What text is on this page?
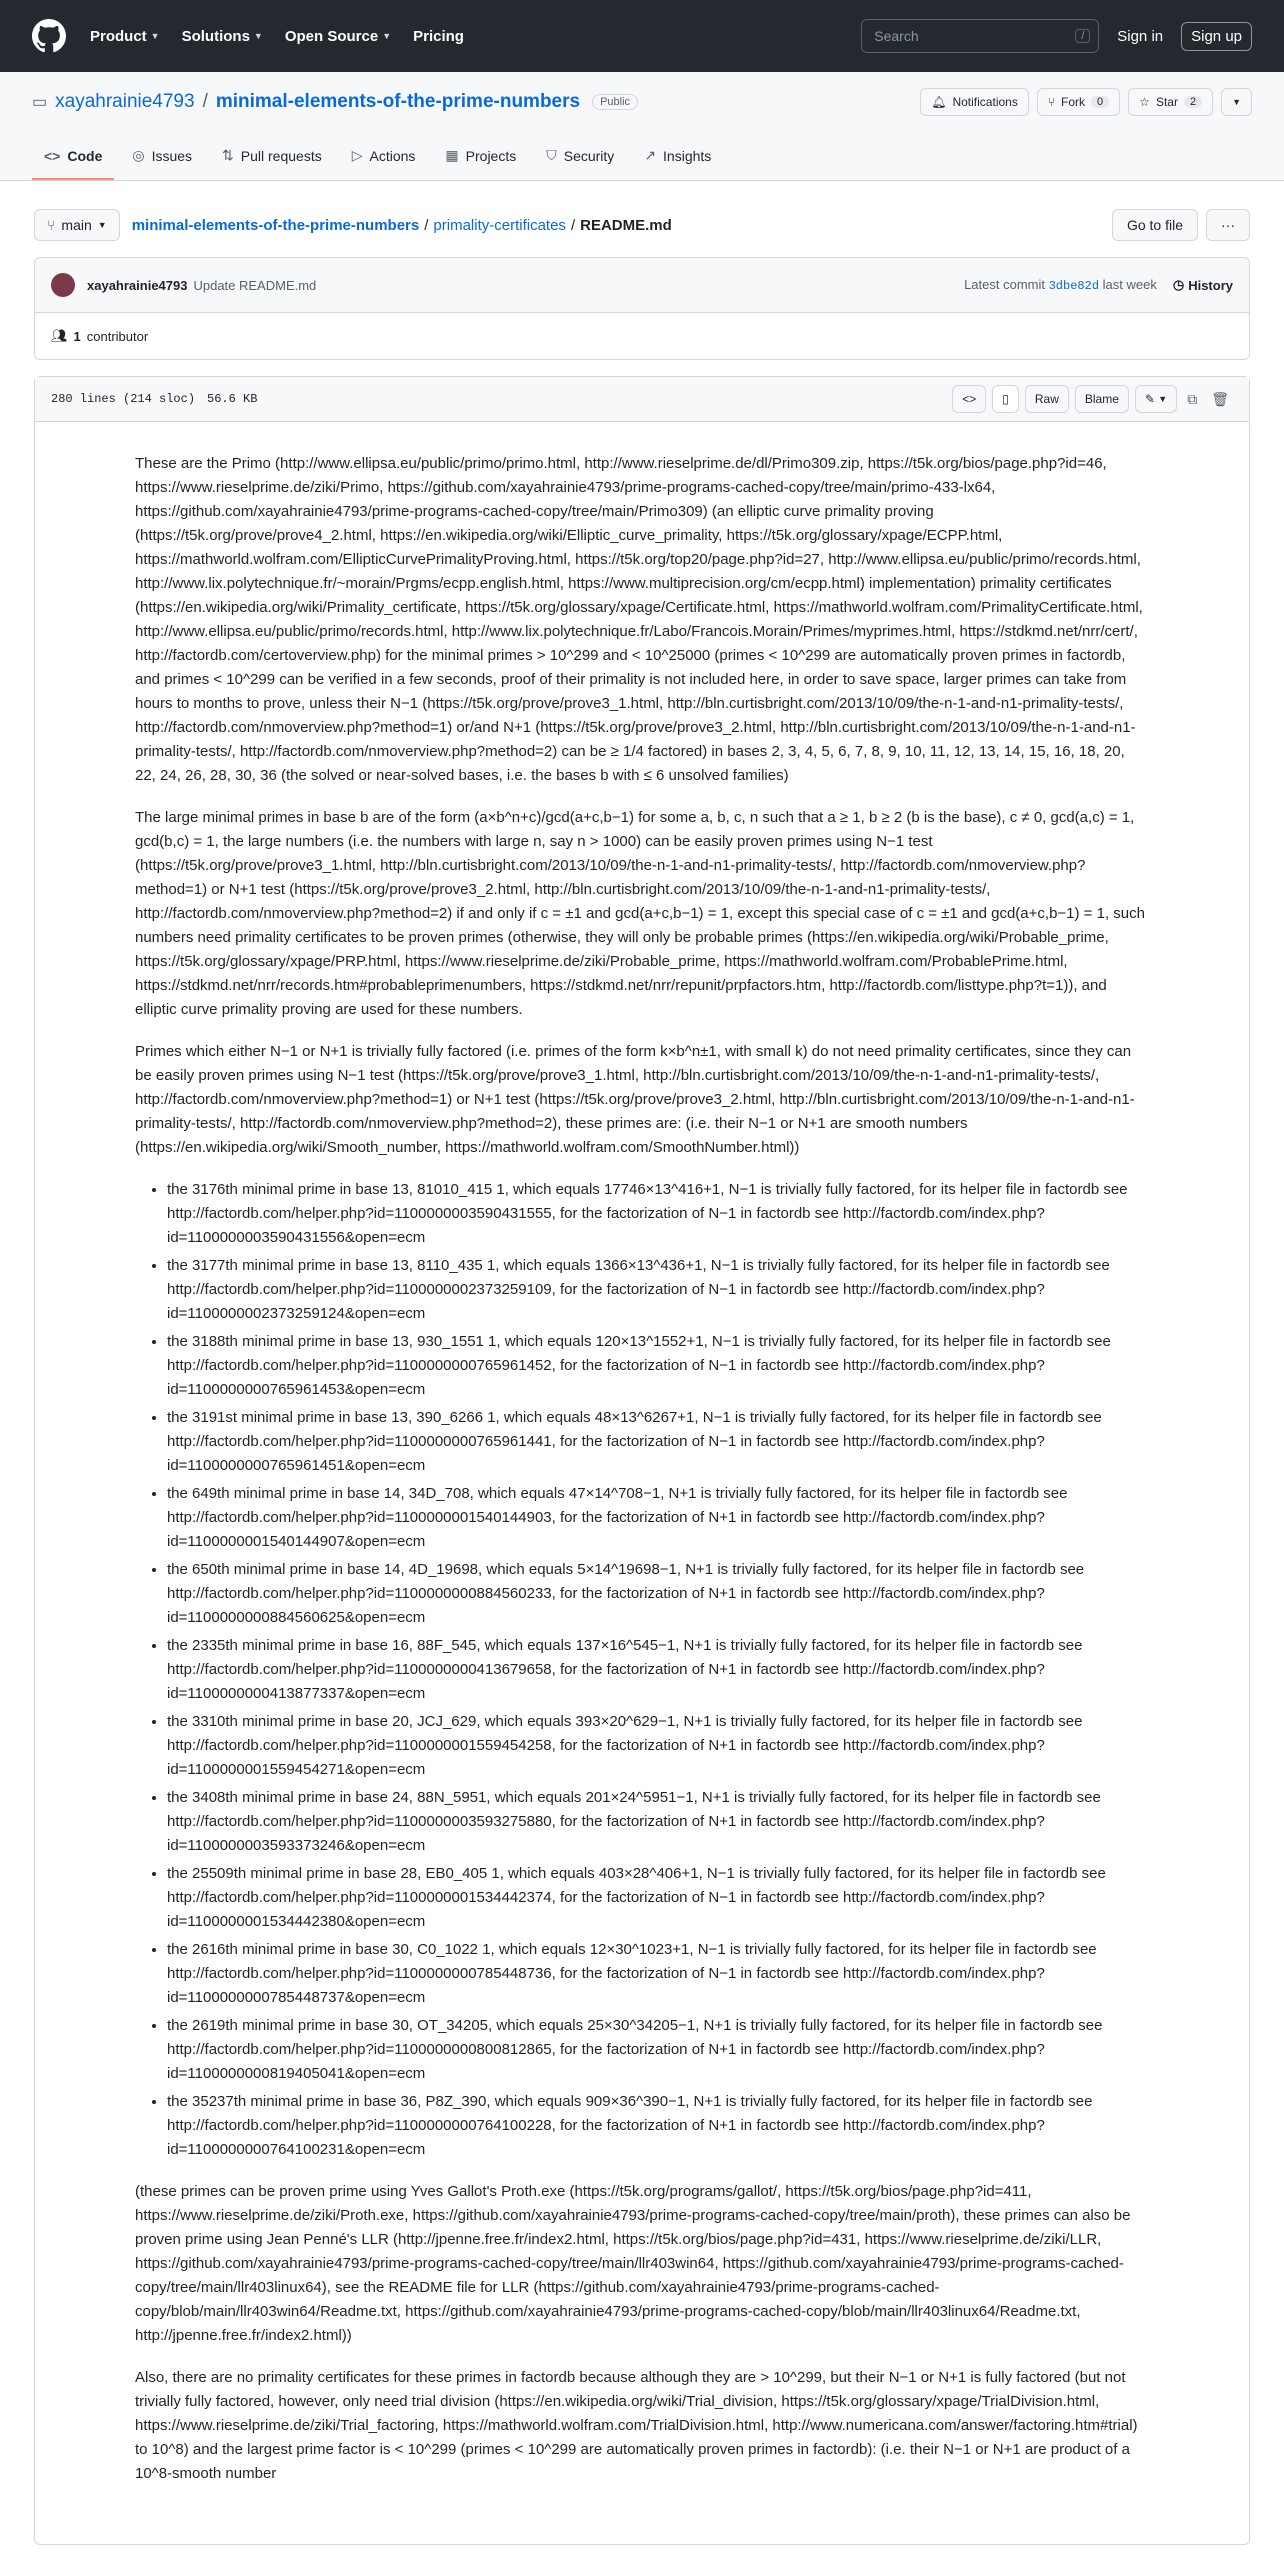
Product ▼ Solutions ▼ Open Source ▼ Pricing	Search	/	Sign in	Sign up
▭ xayahrainie4793 / minimal-elements-of-the-prime-numbers	Public	🔔︎ Notifications	⑂ Fork	0	☆ Star	2	▼
<> Code ◎ Issues ⇅ Pull requests ▷ Actions ▦ Projects ⛉ Security ↗ Insights
⑂ main ▼ minimal-elements-of-the-prime-numbers / primality-certificates / README.md	Go to file	···
xayahrainie4793 Update README.md	Latest commit 3dbe82d last week ◷ History
👥︎ 1 contributor
280 lines (214 sloc) 56.6 KB	<> ▯	Raw	Blame	✎
▼ ⧉ 🗑︎

These are the Primo (http://www.ellipsa.eu/public/primo/primo.html, http://www.rieselprime.de/dl/Primo309.zip, https://t5k.org/bios/page.php?id=46, https://www.rieselprime.de/ziki/Primo, https://github.com/xayahrainie4793/prime-programs-cached-copy/tree/main/primo-433-lx64, https://github.com/xayahrainie4793/prime-programs-cached-copy/tree/main/Primo309) (an elliptic curve primality proving (https://t5k.org/prove/prove4_2.html, https://en.wikipedia.org/wiki/Elliptic_curve_primality, https://t5k.org/glossary/xpage/ECPP.html, https://mathworld.wolfram.com/EllipticCurvePrimalityProving.html, https://t5k.org/top20/page.php?id=27, http://www.ellipsa.eu/public/primo/records.html, http://www.lix.polytechnique.fr/~morain/Prgms/ecpp.english.html, https://www.multiprecision.org/cm/ecpp.html) implementation) primality certificates (https://en.wikipedia.org/wiki/Primality_certificate, https://t5k.org/glossary/xpage/Certificate.html, https://mathworld.wolfram.com/PrimalityCertificate.html, http://www.ellipsa.eu/public/primo/records.html, http://www.lix.polytechnique.fr/Labo/Francois.Morain/Primes/myprimes.html, https://stdkmd.net/nrr/cert/, http://factordb.com/certoverview.php) for the minimal primes > 10^299 and < 10^25000 (primes < 10^299 are automatically proven primes in factordb, and primes < 10^299 can be verified in a few seconds, proof of their primality is not included here, in order to save space, larger primes can take from hours to months to prove, unless their N−1 (https://t5k.org/prove/prove3_1.html, http://bln.curtisbright.com/2013/10/09/the-n-1-and-n1-primality-tests/, http://factordb.com/nmoverview.php?method=1) or/and N+1 (https://t5k.org/prove/prove3_2.html, http://bln.curtisbright.com/2013/10/09/the-n-1-and-n1-primality-tests/, http://factordb.com/nmoverview.php?method=2) can be ≥ 1/4 factored) in bases 2, 3, 4, 5, 6, 7, 8, 9, 10, 11, 12, 13, 14, 15, 16, 18, 20, 22, 24, 26, 28, 30, 36 (the solved or near-solved bases, i.e. the bases b with ≤ 6 unsolved families)

The large minimal primes in base b are of the form (a×b^n+c)/gcd(a+c,b−1) for some a, b, c, n such that a ≥ 1, b ≥ 2 (b is the base), c ≠ 0, gcd(a,c) = 1, gcd(b,c) = 1, the large numbers (i.e. the numbers with large n, say n > 1000) can be easily proven primes using N−1 test (https://t5k.org/prove/prove3_1.html, http://bln.curtisbright.com/2013/10/09/the-n-1-and-n1-primality-tests/, http://factordb.com/nmoverview.php?method=1) or N+1 test (https://t5k.org/prove/prove3_2.html, http://bln.curtisbright.com/2013/10/09/the-n-1-and-n1-primality-tests/, http://factordb.com/nmoverview.php?method=2) if and only if c = ±1 and gcd(a+c,b−1) = 1, except this special case of c = ±1 and gcd(a+c,b−1) = 1, such numbers need primality certificates to be proven primes (otherwise, they will only be probable primes (https://en.wikipedia.org/wiki/Probable_prime, https://t5k.org/glossary/xpage/PRP.html, https://www.rieselprime.de/ziki/Probable_prime, https://mathworld.wolfram.com/ProbablePrime.html, https://stdkmd.net/nrr/records.htm#probableprimenumbers, https://stdkmd.net/nrr/repunit/prpfactors.htm, http://factordb.com/listtype.php?t=1)), and elliptic curve primality proving are used for these numbers.

Primes which either N−1 or N+1 is trivially fully factored (i.e. primes of the form k×b^n±1, with small k) do not need primality certificates, since they can be easily proven primes using N−1 test (https://t5k.org/prove/prove3_1.html, http://bln.curtisbright.com/2013/10/09/the-n-1-and-n1-primality-tests/, http://factordb.com/nmoverview.php?method=1) or N+1 test (https://t5k.org/prove/prove3_2.html, http://bln.curtisbright.com/2013/10/09/the-n-1-and-n1-primality-tests/, http://factordb.com/nmoverview.php?method=2), these primes are: (i.e. their N−1 or N+1 are smooth numbers (https://en.wikipedia.org/wiki/Smooth_number, https://mathworld.wolfram.com/SmoothNumber.html))

• the 3176th minimal prime in base 13, 81010_415 1, which equals 17746×13^416+1, N−1 is trivially fully factored, for its helper file in factordb see http://factordb.com/helper.php?id=1100000003590431555, for the factorization of N−1 in factordb see http://factordb.com/index.php?id=1100000003590431556&open=ecm
• the 3177th minimal prime in base 13, 8110_435 1, which equals 1366×13^436+1, N−1 is trivially fully factored, for its helper file in factordb see http://factordb.com/helper.php?id=1100000002373259109, for the factorization of N−1 in factordb see http://factordb.com/index.php?id=1100000002373259124&open=ecm
• the 3188th minimal prime in base 13, 930_1551 1, which equals 120×13^1552+1, N−1 is trivially fully factored, for its helper file in factordb see http://factordb.com/helper.php?id=1100000000765961452, for the factorization of N−1 in factordb see http://factordb.com/index.php?id=1100000000765961453&open=ecm
• the 3191st minimal prime in base 13, 390_6266 1, which equals 48×13^6267+1, N−1 is trivially fully factored, for its helper file in factordb see http://factordb.com/helper.php?id=1100000000765961441, for the factorization of N−1 in factordb see http://factordb.com/index.php?id=1100000000765961451&open=ecm
• the 649th minimal prime in base 14, 34D_708, which equals 47×14^708−1, N+1 is trivially fully factored, for its helper file in factordb see http://factordb.com/helper.php?id=1100000001540144903, for the factorization of N+1 in factordb see http://factordb.com/index.php?id=1100000001540144907&open=ecm
• the 650th minimal prime in base 14, 4D_19698, which equals 5×14^19698−1, N+1 is trivially fully factored, for its helper file in factordb see http://factordb.com/helper.php?id=1100000000884560233, for the factorization of N+1 in factordb see http://factordb.com/index.php?id=1100000000884560625&open=ecm
• the 2335th minimal prime in base 16, 88F_545, which equals 137×16^545−1, N+1 is trivially fully factored, for its helper file in factordb see http://factordb.com/helper.php?id=1100000000413679658, for the factorization of N+1 in factordb see http://factordb.com/index.php?id=1100000000413877337&open=ecm
• the 3310th minimal prime in base 20, JCJ_629, which equals 393×20^629−1, N+1 is trivially fully factored, for its helper file in factordb see http://factordb.com/helper.php?id=1100000001559454258, for the factorization of N+1 in factordb see http://factordb.com/index.php?id=1100000001559454271&open=ecm
• the 3408th minimal prime in base 24, 88N_5951, which equals 201×24^5951−1, N+1 is trivially fully factored, for its helper file in factordb see http://factordb.com/helper.php?id=1100000003593275880, for the factorization of N+1 in factordb see http://factordb.com/index.php?id=1100000003593373246&open=ecm
• the 25509th minimal prime in base 28, EB0_405 1, which equals 403×28^406+1, N−1 is trivially fully factored, for its helper file in factordb see http://factordb.com/helper.php?id=1100000001534442374, for the factorization of N−1 in factordb see http://factordb.com/index.php?id=1100000001534442380&open=ecm
• the 2616th minimal prime in base 30, C0_1022 1, which equals 12×30^1023+1, N−1 is trivially fully factored, for its helper file in factordb see http://factordb.com/helper.php?id=1100000000785448736, for the factorization of N−1 in factordb see http://factordb.com/index.php?id=1100000000785448737&open=ecm
• the 2619th minimal prime in base 30, OT_34205, which equals 25×30^34205−1, N+1 is trivially fully factored, for its helper file in factordb see http://factordb.com/helper.php?id=1100000000800812865, for the factorization of N+1 in factordb see http://factordb.com/index.php?id=1100000000819405041&open=ecm
• the 35237th minimal prime in base 36, P8Z_390, which equals 909×36^390−1, N+1 is trivially fully factored, for its helper file in factordb see http://factordb.com/helper.php?id=1100000000764100228, for the factorization of N+1 in factordb see http://factordb.com/index.php?id=1100000000764100231&open=ecm

(these primes can be proven prime using Yves Gallot's Proth.exe (https://t5k.org/programs/gallot/, https://t5k.org/bios/page.php?id=411, https://www.rieselprime.de/ziki/Proth.exe, https://github.com/xayahrainie4793/prime-programs-cached-copy/tree/main/proth), these primes can also be proven prime using Jean Penné's LLR (http://jpenne.free.fr/index2.html, https://t5k.org/bios/page.php?id=431, https://www.rieselprime.de/ziki/LLR, https://github.com/xayahrainie4793/prime-programs-cached-copy/tree/main/llr403win64, https://github.com/xayahrainie4793/prime-programs-cached-copy/tree/main/llr403linux64), see the README file for LLR (https://github.com/xayahrainie4793/prime-programs-cached-copy/blob/main/llr403win64/Readme.txt, https://github.com/xayahrainie4793/prime-programs-cached-copy/blob/main/llr403linux64/Readme.txt, http://jpenne.free.fr/index2.html))

Also, there are no primality certificates for these primes in factordb because although they are > 10^299, but their N−1 or N+1 is fully factored (but not trivially fully factored, however, only need trial division (https://en.wikipedia.org/wiki/Trial_division, https://t5k.org/glossary/xpage/TrialDivision.html, https://www.rieselprime.de/ziki/Trial_factoring, https://mathworld.wolfram.com/TrialDivision.html, http://www.numericana.com/answer/factoring.htm#trial) to 10^8) and the largest prime factor is < 10^299 (primes < 10^299 are automatically proven primes in factordb): (i.e. their N−1 or N+1 are product of a 10^8-smooth number
